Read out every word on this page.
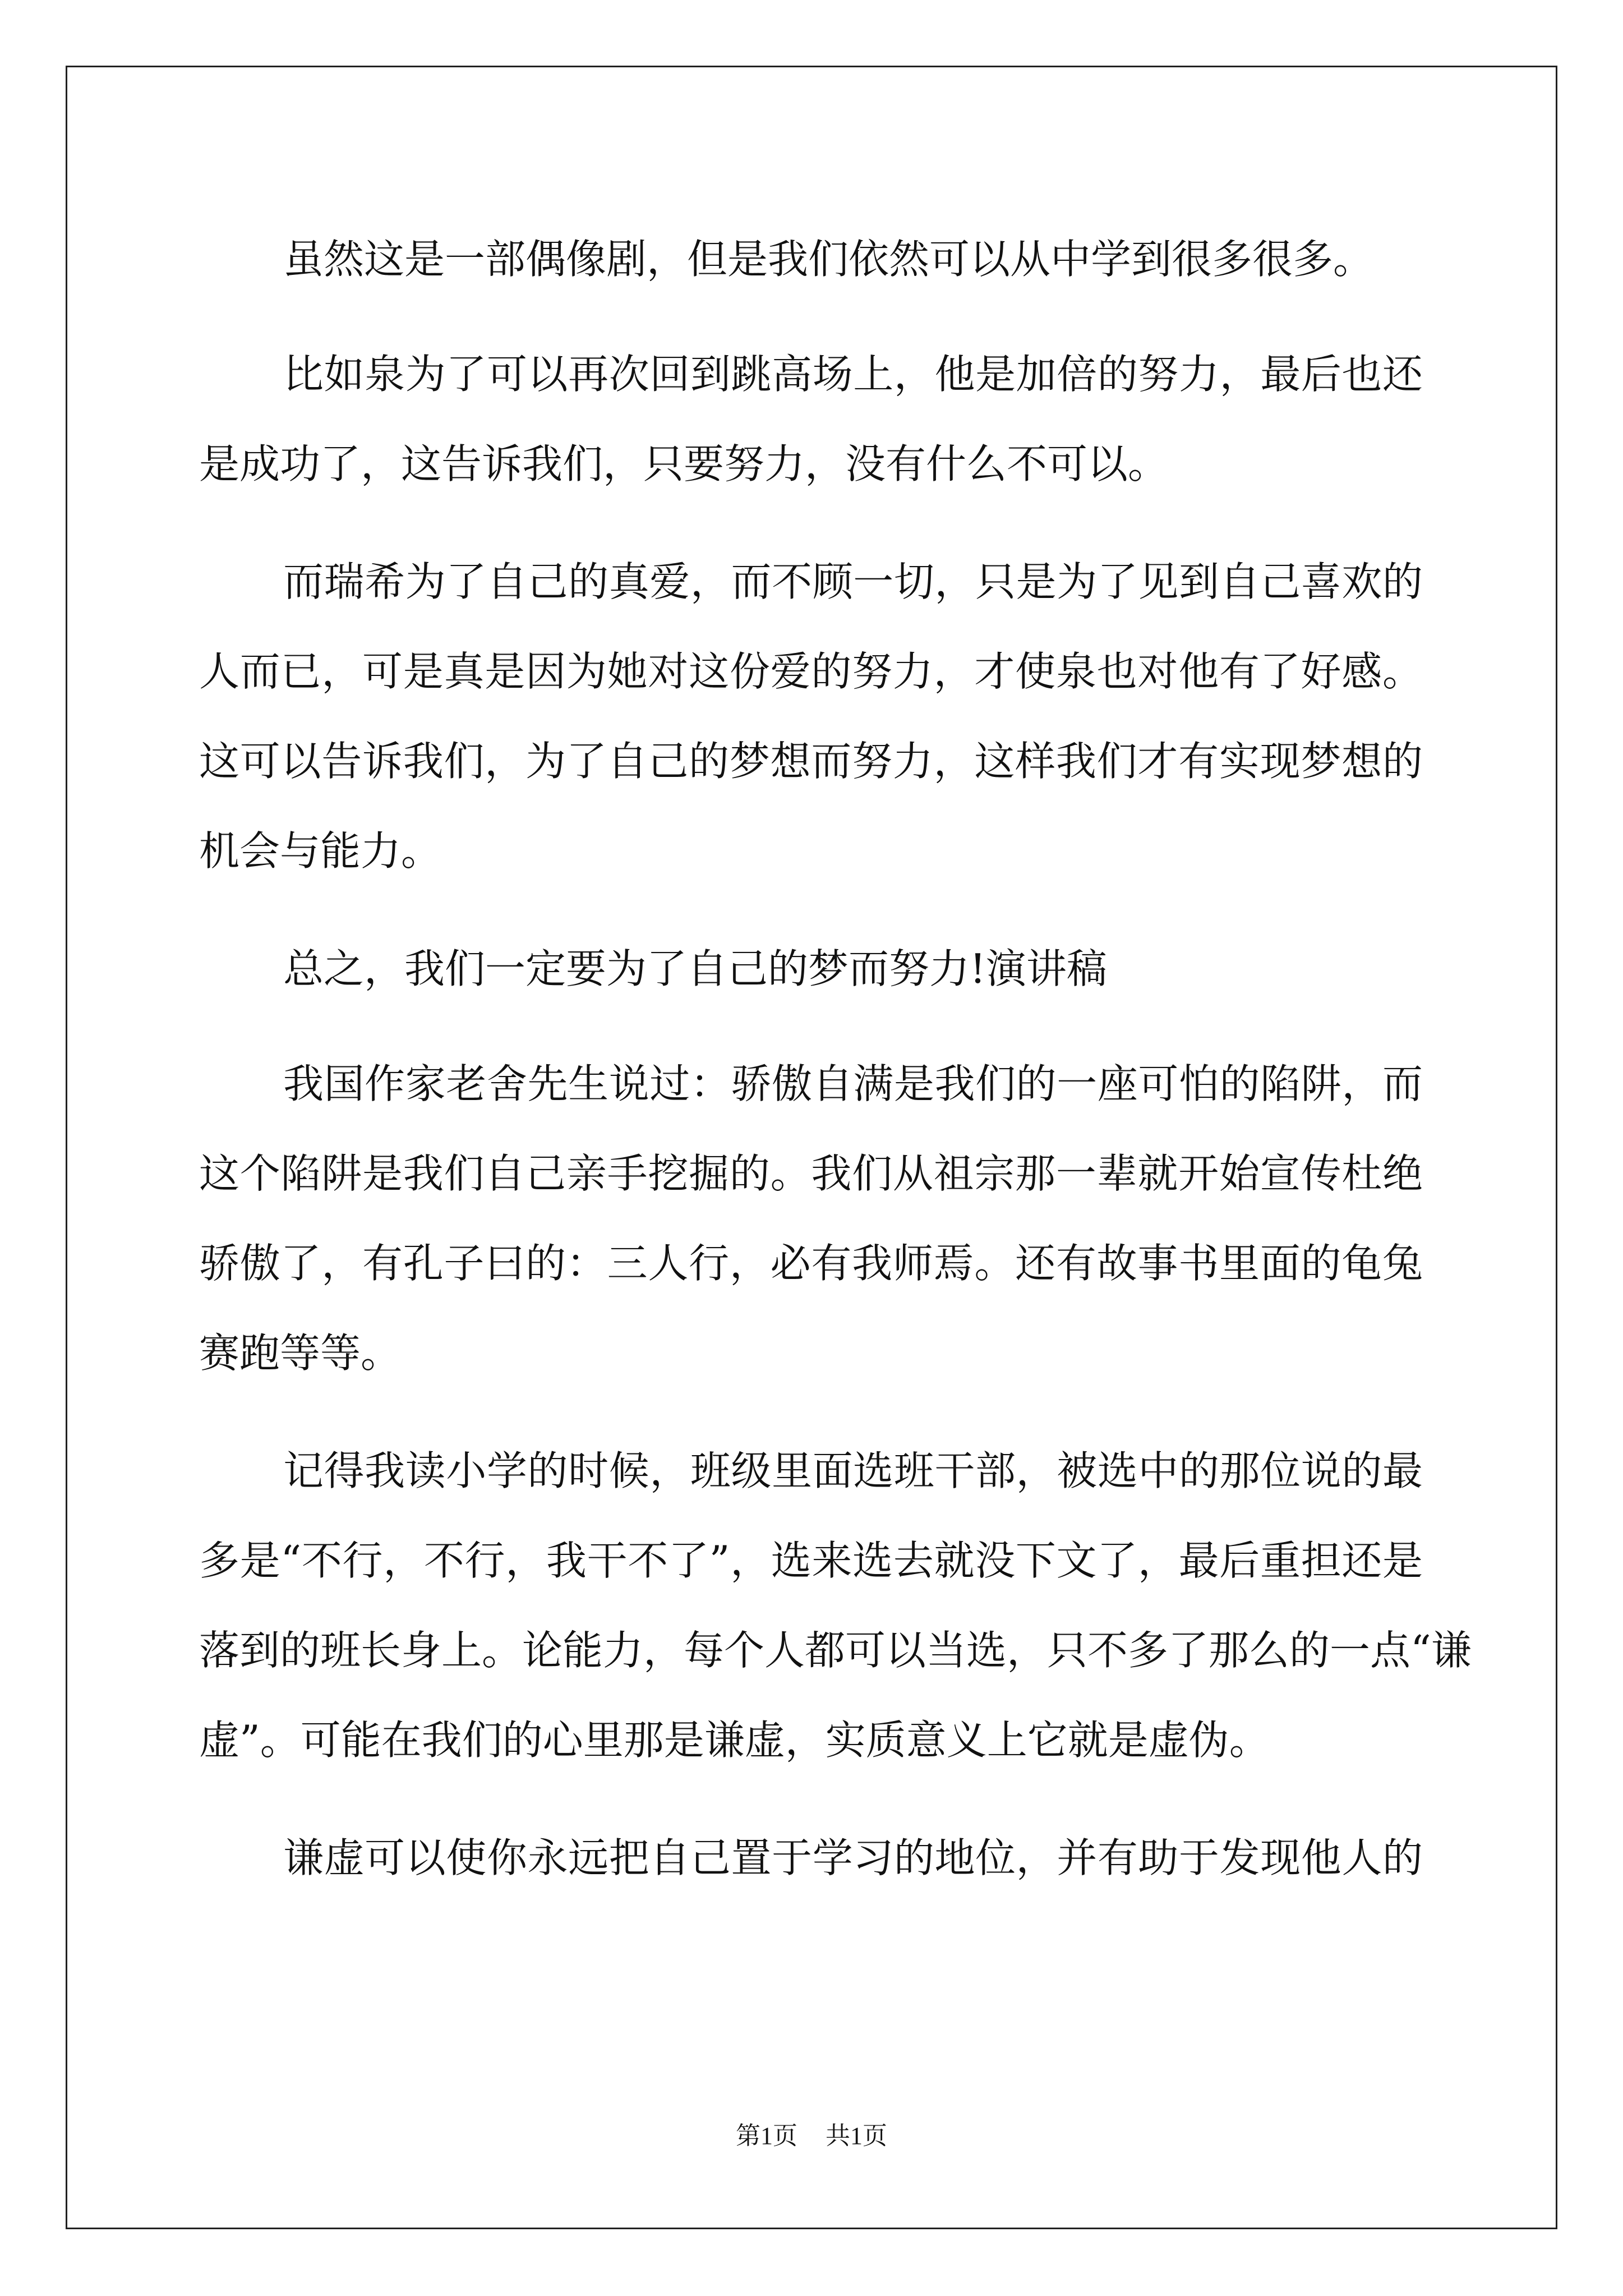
虽然这是一部偶像剧，但是我们依然可以从中学到很多很多。
比如泉为了可以再次回到跳高场上，他是加倍的努力，最后也还
是成功了，这告诉我们，只要努力，没有什么不可以。
而瑞希为了自己的真爱，而不顾一切，只是为了见到自己喜欢的
人而已，可是真是因为她对这份爱的努力，才使泉也对他有了好感。
这可以告诉我们，为了自己的梦想而努力，这样我们才有实现梦想的
机会与能力。
总之，我们一定要为了自己的梦而努力!演讲稿
我国作家老舍先生说过：骄傲自满是我们的一座可怕的陷阱，而
这个陷阱是我们自己亲手挖掘的。我们从祖宗那一辈就开始宣传杜绝
骄傲了，有孔子曰的：三人行，必有我师焉。还有故事书里面的龟兔
赛跑等等。
记得我读小学的时候，班级里面选班干部，被选中的那位说的最
多是“不行，不行，我干不了”，选来选去就没下文了，最后重担还是
落到的班长身上。论能力，每个人都可以当选，只不多了那么的一点“谦
虚”。可能在我们的心里那是谦虚，实质意义上它就是虚伪。
谦虚可以使你永远把自己置于学习的地位，并有助于发现他人的
第1页 共1页
